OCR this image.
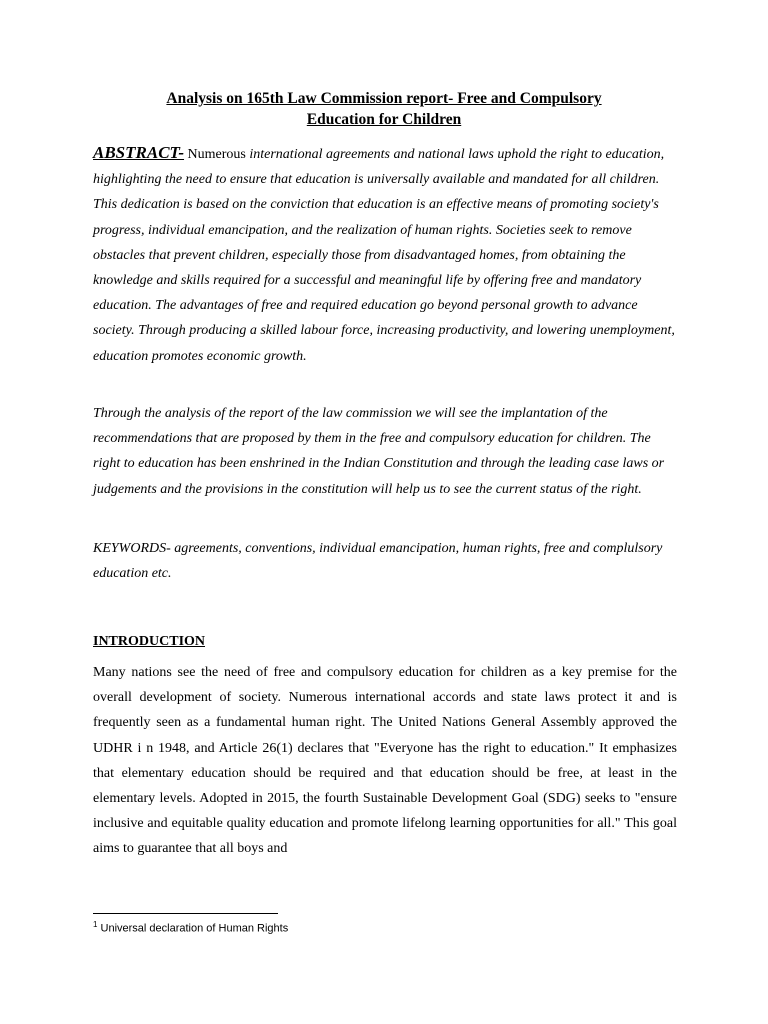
Analysis on 165th Law Commission report- Free and Compulsory
Education for Children

ABSTRACT- Numerous international agreements and national laws uphold the right to education, highlighting the need to ensure that education is universally available and mandated for all children. This dedication is based on the conviction that education is an effective means of promoting society's progress, individual emancipation, and the realization of human rights. Societies seek to remove obstacles that prevent children, especially those from disadvantaged homes, from obtaining the knowledge and skills required for a successful and meaningful life by offering free and mandatory education. The advantages of free and required education go beyond personal growth to advance society. Through producing a skilled labour force, increasing productivity, and lowering unemployment, education promotes economic growth.

Through the analysis of the report of the law commission we will see the implantation of the recommendations that are proposed by them in the free and compulsory education for children. The right to education has been enshrined in the Indian Constitution and through the leading case laws or judgements and the provisions in the constitution will help us to see the current status of the right.

KEYWORDS- agreements, conventions, individual emancipation, human rights, free and complulsory education etc.

INTRODUCTION

Many nations see the need of free and compulsory education for children as a key premise for the overall development of society. Numerous international accords and state laws protect it and is frequently seen as a fundamental human right. The United Nations General Assembly approved the UDHR i n 1948, and Article 26(1) declares that "Everyone has the right to education." It emphasizes that elementary education should be required and that education should be free, at least in the elementary levels. Adopted in 2015, the fourth Sustainable Development Goal (SDG) seeks to "ensure inclusive and equitable quality education and promote lifelong learning opportunities for all." This goal aims to guarantee that all boys and

$^1$ Universal declaration of Human Rights
